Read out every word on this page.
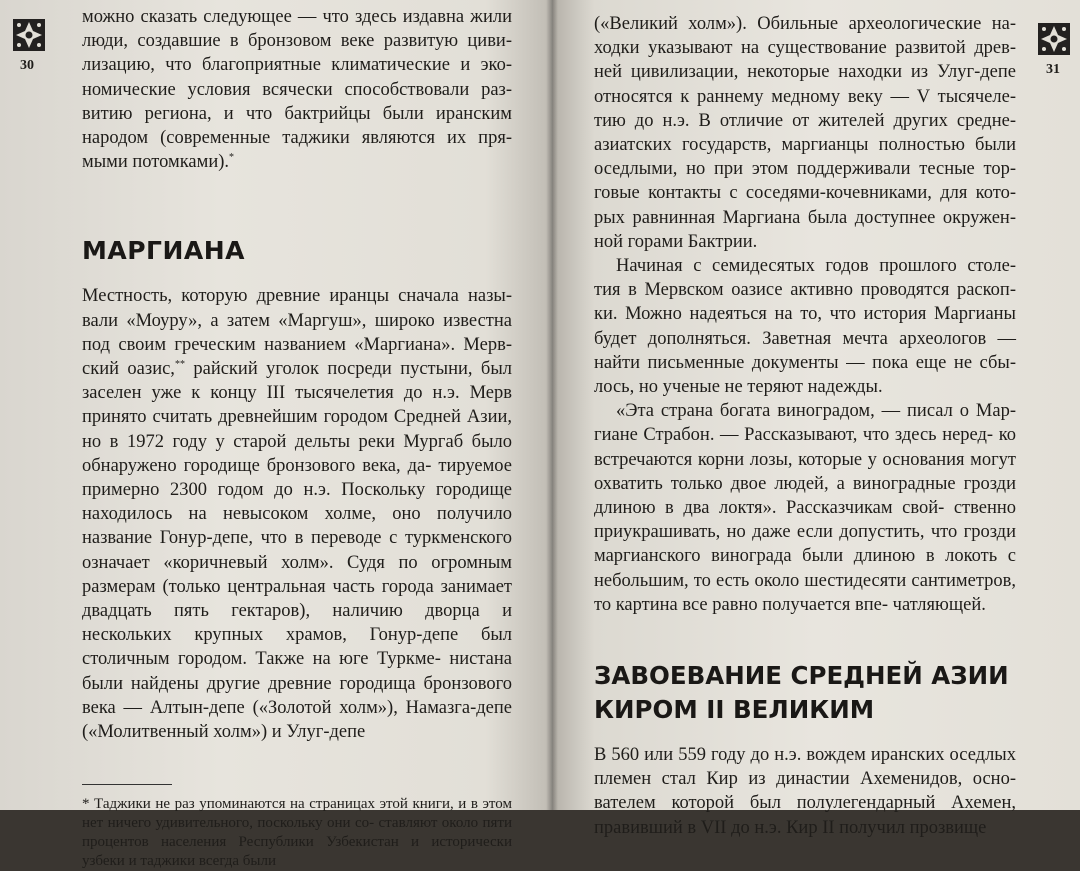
30

можно сказать следующее — что здесь издавна жили люди, создавшие в бронзовом веке развитую циви- лизацию, что благоприятные климатические и эко- номические условия всячески способствовали раз- витию региона, и что бактрийцы были иранским народом (современные таджики являются их пря- мыми потомками).*

МАРГИАНА

Местность, которую древние иранцы сначала назы- вали «Моуру», а затем «Маргуш», широко известна под своим греческим названием «Маргиана». Мерв- ский оазис,** райский уголок посреди пустыни, был заселен уже к концу III тысячелетия до н.э. Мерв принято считать древнейшим городом Средней Азии, но в 1972 году у старой дельты реки Мургаб было обнаружено городище бронзового века, да- тируемое примерно 2300 годом до н.э. Поскольку городище находилось на невысоком холме, оно получило название Гонур-депе, что в переводе с туркменского означает «коричневый холм». Судя по огромным размерам (только центральная часть города занимает двадцать пять гектаров), наличию дворца и нескольких крупных храмов, Гонур-депе был столичным городом. Также на юге Туркме- нистана были найдены другие древние городища бронзового века — Алтын-депе («Золотой холм»), Намазга-депе («Молитвенный холм») и Улуг-депе

* Таджики не раз упоминаются на страницах этой книги, и в этом нет ничего удивительного, поскольку они со- ставляют около пяти процентов населения Республики Узбекистан и исторически узбеки и таджики всегда были

31

(«Великий холм»). Обильные археологические на- ходки указывают на существование развитой древ- ней цивилизации, некоторые находки из Улуг-депе относятся к раннему медному веку — V тысячеле- тию до н.э. В отличие от жителей других средне- азиатских государств, маргианцы полностью были оседлыми, но при этом поддерживали тесные тор- говые контакты с соседями-кочевниками, для кото- рых равнинная Маргиана была доступнее окружен- ной горами Бактрии.

Начиная с семидесятых годов прошлого столе- тия в Мервском оазисе активно проводятся раскоп- ки. Можно надеяться на то, что история Маргианы будет дополняться. Заветная мечта археологов — найти письменные документы — пока еще не сбы- лось, но ученые не теряют надежды.

«Эта страна богата виноградом, — писал о Мар- гиане Страбон. — Рассказывают, что здесь неред- ко встречаются корни лозы, которые у основания могут охватить только двое людей, а виноградные грозди длиною в два локтя». Рассказчикам свой- ственно приукрашивать, но даже если допустить, что грозди маргианского винограда были длиною в локоть с небольшим, то есть около шестидесяти сантиметров, то картина все равно получается впе- чатляющей.

ЗАВОЕВАНИЕ СРЕДНЕЙ АЗИИ
КИРОМ II ВЕЛИКИМ

В 560 или 559 году до н.э. вождем иранских оседлых племен стал Кир из династии Ахеменидов, осно- вателем которой был полулегендарный Ахемен, правивший в VII до н.э. Кир II получил прозвище
